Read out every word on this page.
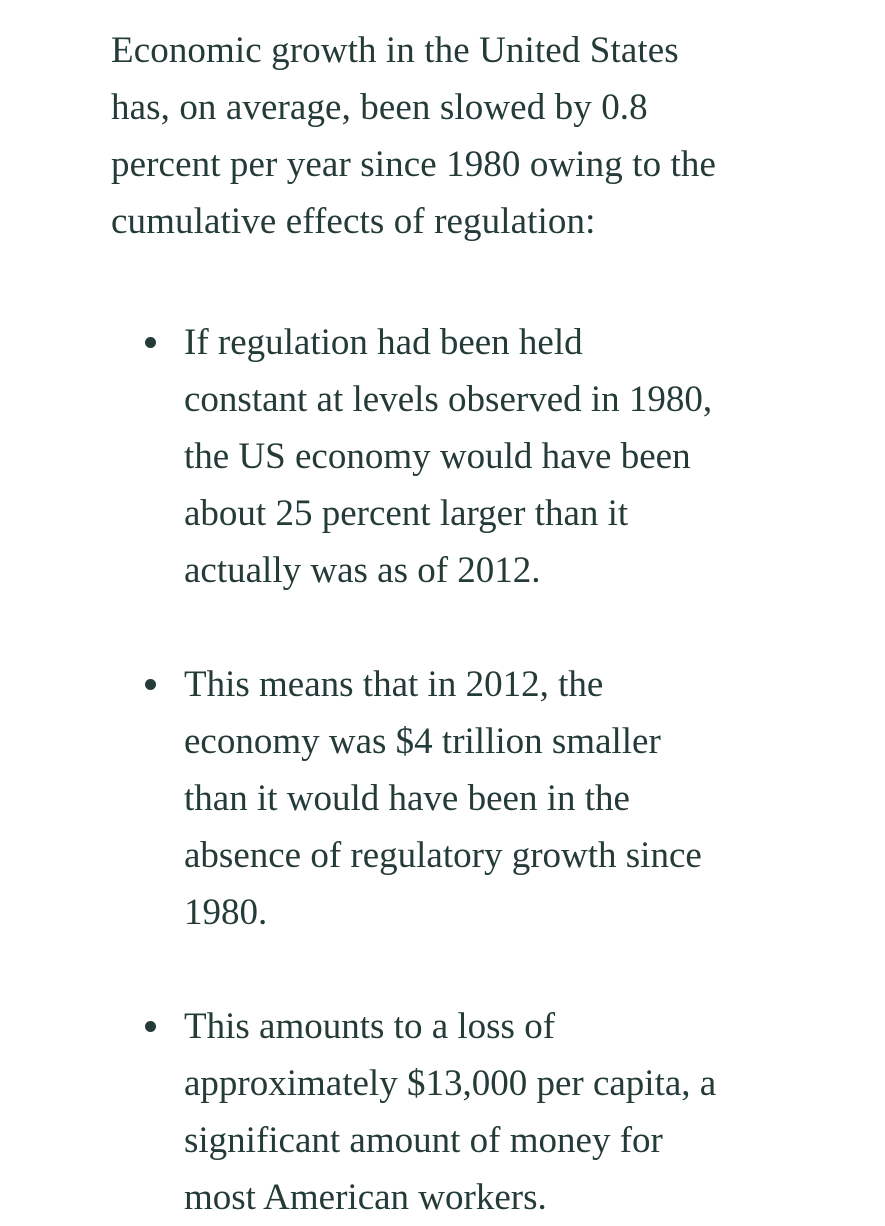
Economic growth in the United States
has, on average, been slowed by 0.8
percent per year since 1980 owing to the
cumulative effects of regulation:

If regulation had been held
constant at levels observed in 1980,
the US economy would have been
about 25 percent larger than it
actually was as of 2012.
This means that in 2012, the
economy was $4 trillion smaller
than it would have been in the
absence of regulatory growth since
1980.
This amounts to a loss of
approximately $13,000 per capita, a
significant amount of money for
most American workers.
